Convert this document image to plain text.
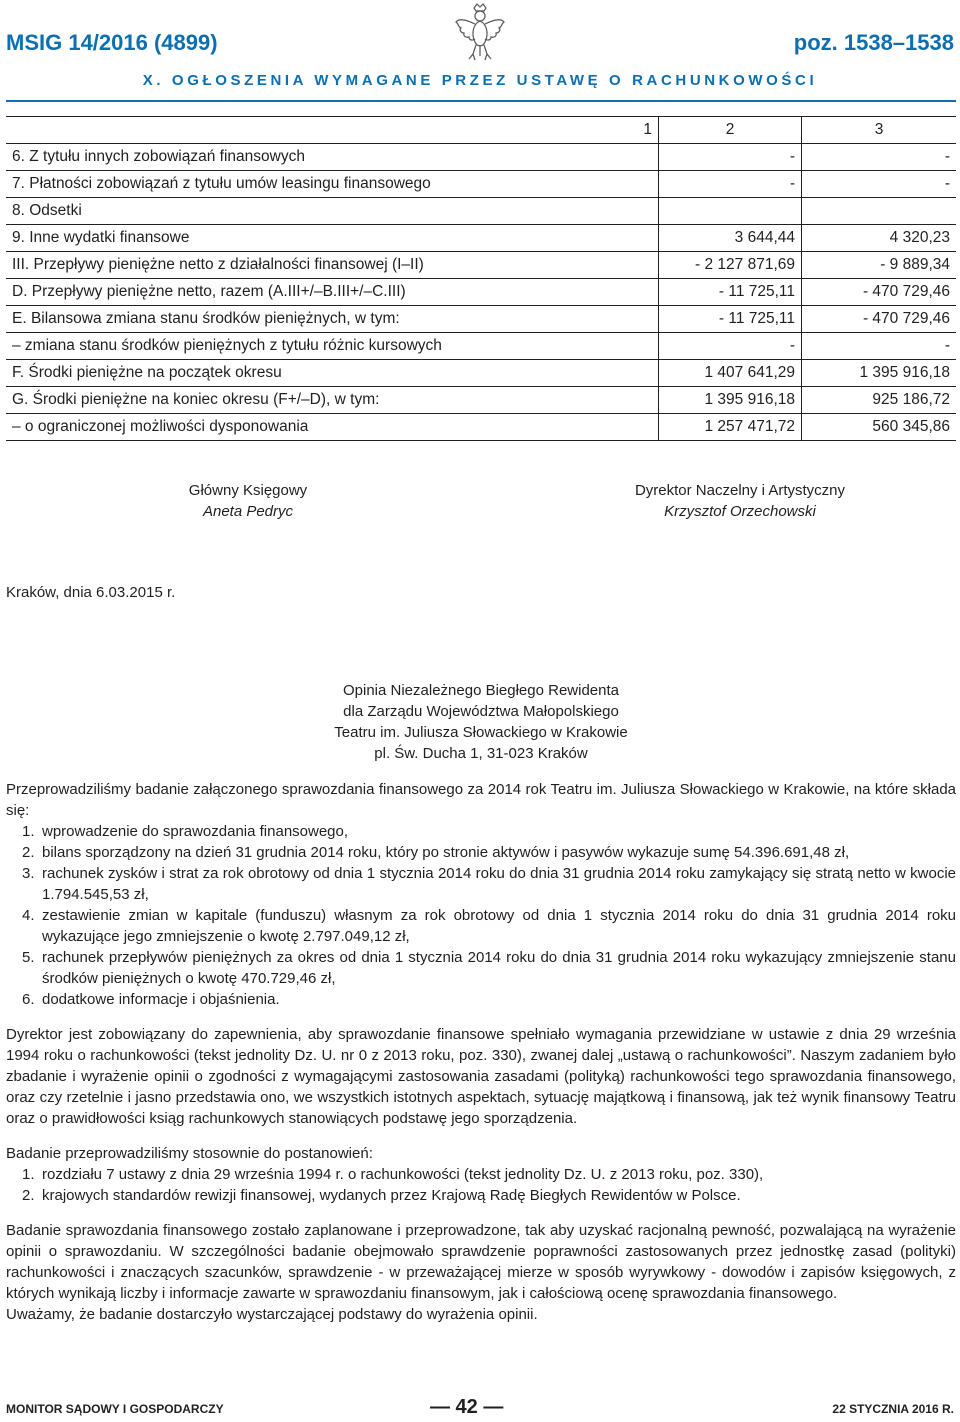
MSIG 14/2016 (4899)	poz. 1538–1538
X. OGŁOSZENIA WYMAGANE PRZEZ USTAWĘ O RACHUNKOWOŚCI
1	2	3
6. Z tytułu innych zobowiązań finansowych	-	-
7. Płatności zobowiązań z tytułu umów leasingu finansowego	-	-
8. Odsetki		
9. Inne wydatki finansowe	3 644,44	4 320,23
III. Przepływy pieniężne netto z działalności finansowej (I–II)	- 2 127 871,69	- 9 889,34
D. Przepływy pieniężne netto, razem (A.III+/–B.III+/–C.III)	- 11 725,11	- 470 729,46
E. Bilansowa zmiana stanu środków pieniężnych, w tym:	- 11 725,11	- 470 729,46
– zmiana stanu środków pieniężnych z tytułu różnic kursowych	-	-
F. Środki pieniężne na początek okresu	1 407 641,29	1 395 916,18
G. Środki pieniężne na koniec okresu (F+/–D), w tym:	1 395 916,18	925 186,72
– o ograniczonej możliwości dysponowania	1 257 471,72	560 345,86
Główny Księgowy
Aneta Pedryc
Dyrektor Naczelny i Artystyczny
Krzysztof Orzechowski
Kraków, dnia 6.03.2015 r.
Opinia Niezależnego Biegłego Rewidenta
dla Zarządu Województwa Małopolskiego
Teatru im. Juliusza Słowackiego w Krakowie
pl. Św. Ducha 1, 31-023 Kraków
Przeprowadziliśmy badanie załączonego sprawozdania finansowego za 2014 rok Teatru im. Juliusza Słowackiego w Krakowie, na które składa się:
1. wprowadzenie do sprawozdania finansowego,
2. bilans sporządzony na dzień 31 grudnia 2014 roku, który po stronie aktywów i pasywów wykazuje sumę 54.396.691,48 zł,
3. rachunek zysków i strat za rok obrotowy od dnia 1 stycznia 2014 roku do dnia 31 grudnia 2014 roku zamykający się stratą netto w kwocie 1.794.545,53 zł,
4. zestawienie zmian w kapitale (funduszu) własnym za rok obrotowy od dnia 1 stycznia 2014 roku do dnia 31 grudnia 2014 roku wykazujące jego zmniejszenie o kwotę 2.797.049,12 zł,
5. rachunek przepływów pieniężnych za okres od dnia 1 stycznia 2014 roku do dnia 31 grudnia 2014 roku wykazujący zmniejszenie stanu środków pieniężnych o kwotę 470.729,46 zł,
6. dodatkowe informacje i objaśnienia.
Dyrektor jest zobowiązany do zapewnienia, aby sprawozdanie finansowe spełniało wymagania przewidziane w ustawie z dnia 29 września 1994 roku o rachunkowości (tekst jednolity Dz. U. nr 0 z 2013 roku, poz. 330), zwanej dalej „ustawą o rachunkowości”. Naszym zadaniem było zbadanie i wyrażenie opinii o zgodności z wymagającymi zastosowania zasadami (polityką) rachunkowości tego sprawozdania finansowego, oraz czy rzetelnie i jasno przedstawia ono, we wszystkich istotnych aspektach, sytuację majątkową i finansową, jak też wynik finansowy Teatru oraz o prawidłowości ksiąg rachunkowych stanowiących podstawę jego sporządzenia.
Badanie przeprowadziliśmy stosownie do postanowień:
1. rozdziału 7 ustawy z dnia 29 września 1994 r. o rachunkowości (tekst jednolity Dz. U. z 2013 roku, poz. 330),
2. krajowych standardów rewizji finansowej, wydanych przez Krajową Radę Biegłych Rewidentów w Polsce.
Badanie sprawozdania finansowego zostało zaplanowane i przeprowadzone, tak aby uzyskać racjonalną pewność, pozwalającą na wyrażenie opinii o sprawozdaniu. W szczególności badanie obejmowało sprawdzenie poprawności zastosowanych przez jednostkę zasad (polityki) rachunkowości i znaczących szacunków, sprawdzenie - w przeważającej mierze w sposób wyrywkowy - dowodów i zapisów księgowych, z których wynikają liczby i informacje zawarte w sprawozdaniu finansowym, jak i całościową ocenę sprawozdania finansowego.
Uważamy, że badanie dostarczyło wystarczającej podstawy do wyrażenia opinii.
MONITOR SĄDOWY I GOSPODARCZY	— 42 —	22 STYCZNIA 2016 R.
